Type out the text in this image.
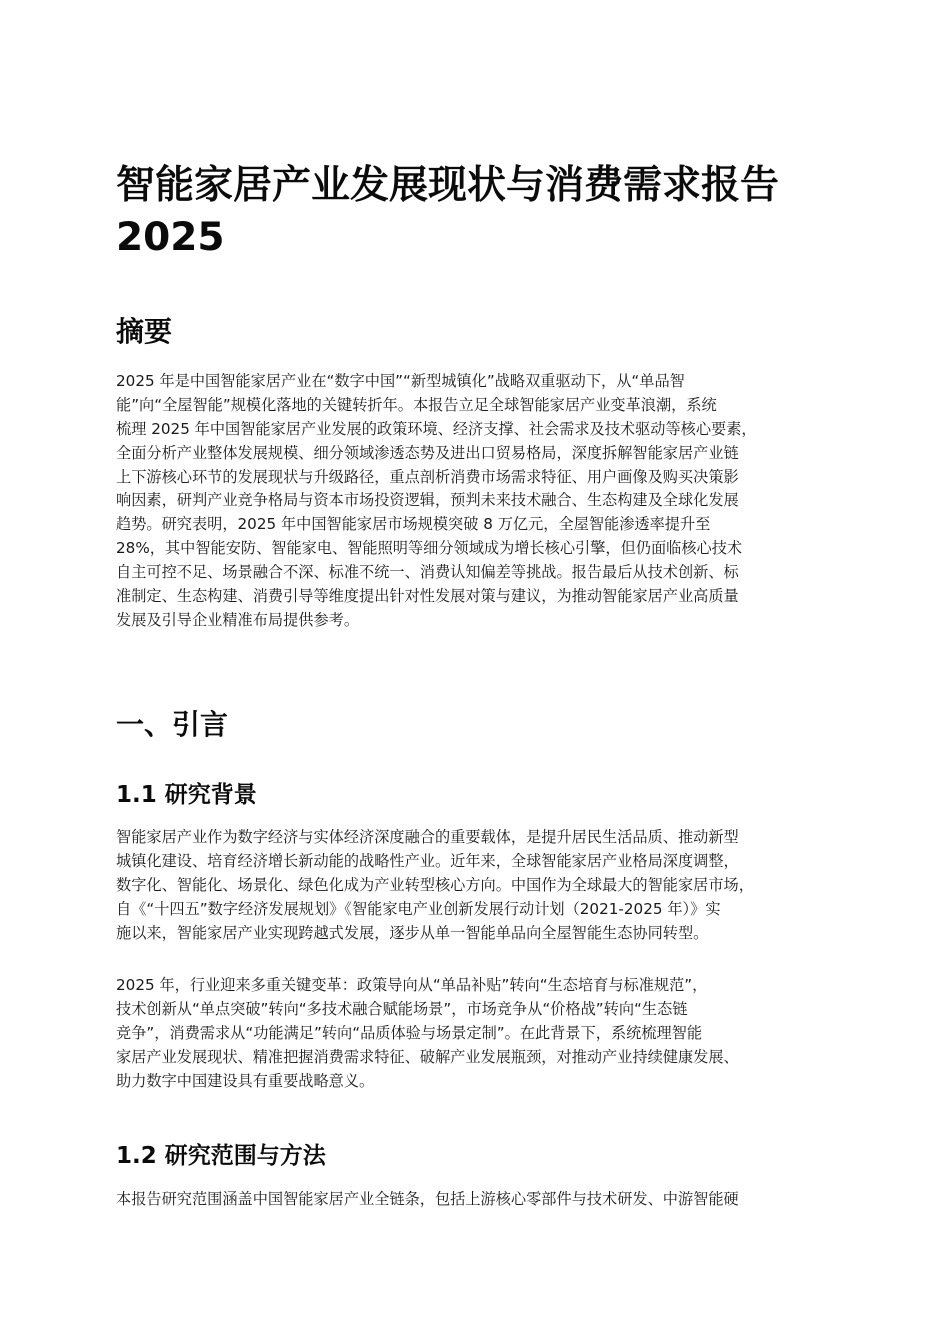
智能家居产业发展现状与消费需求报告
2025
摘要
2025 年是中国智能家居产业在“数字中国”“新型城镇化”战略双重驱动下，从“单品智
能”向“全屋智能”规模化落地的关键转折年。本报告立足全球智能家居产业变革浪潮，系统
梳理 2025 年中国智能家居产业发展的政策环境、经济支撑、社会需求及技术驱动等核心要素，
全面分析产业整体发展规模、细分领域渗透态势及进出口贸易格局，深度拆解智能家居产业链
上下游核心环节的发展现状与升级路径，重点剖析消费市场需求特征、用户画像及购买决策影
响因素，研判产业竞争格局与资本市场投资逻辑，预判未来技术融合、生态构建及全球化发展
趋势。研究表明，2025 年中国智能家居市场规模突破 8 万亿元，全屋智能渗透率提升至
28%，其中智能安防、智能家电、智能照明等细分领域成为增长核心引擎，但仍面临核心技术
自主可控不足、场景融合不深、标准不统一、消费认知偏差等挑战。报告最后从技术创新、标
准制定、生态构建、消费引导等维度提出针对性发展对策与建议，为推动智能家居产业高质量
发展及引导企业精准布局提供参考。
一、引言
1.1 研究背景
智能家居产业作为数字经济与实体经济深度融合的重要载体，是提升居民生活品质、推动新型
城镇化建设、培育经济增长新动能的战略性产业。近年来，全球智能家居产业格局深度调整，
数字化、智能化、场景化、绿色化成为产业转型核心方向。中国作为全球最大的智能家居市场，
自《“十四五”数字经济发展规划》《智能家电产业创新发展行动计划（2021-2025 年）》实
施以来，智能家居产业实现跨越式发展，逐步从单一智能单品向全屋智能生态协同转型。
2025 年，行业迎来多重关键变革：政策导向从“单品补贴”转向“生态培育与标准规范”，
技术创新从“单点突破”转向“多技术融合赋能场景”，市场竞争从“价格战”转向“生态链
竞争”，消费需求从“功能满足”转向“品质体验与场景定制”。在此背景下，系统梳理智能
家居产业发展现状、精准把握消费需求特征、破解产业发展瓶颈，对推动产业持续健康发展、
助力数字中国建设具有重要战略意义。
1.2 研究范围与方法
本报告研究范围涵盖中国智能家居产业全链条，包括上游核心零部件与技术研发、中游智能硬
